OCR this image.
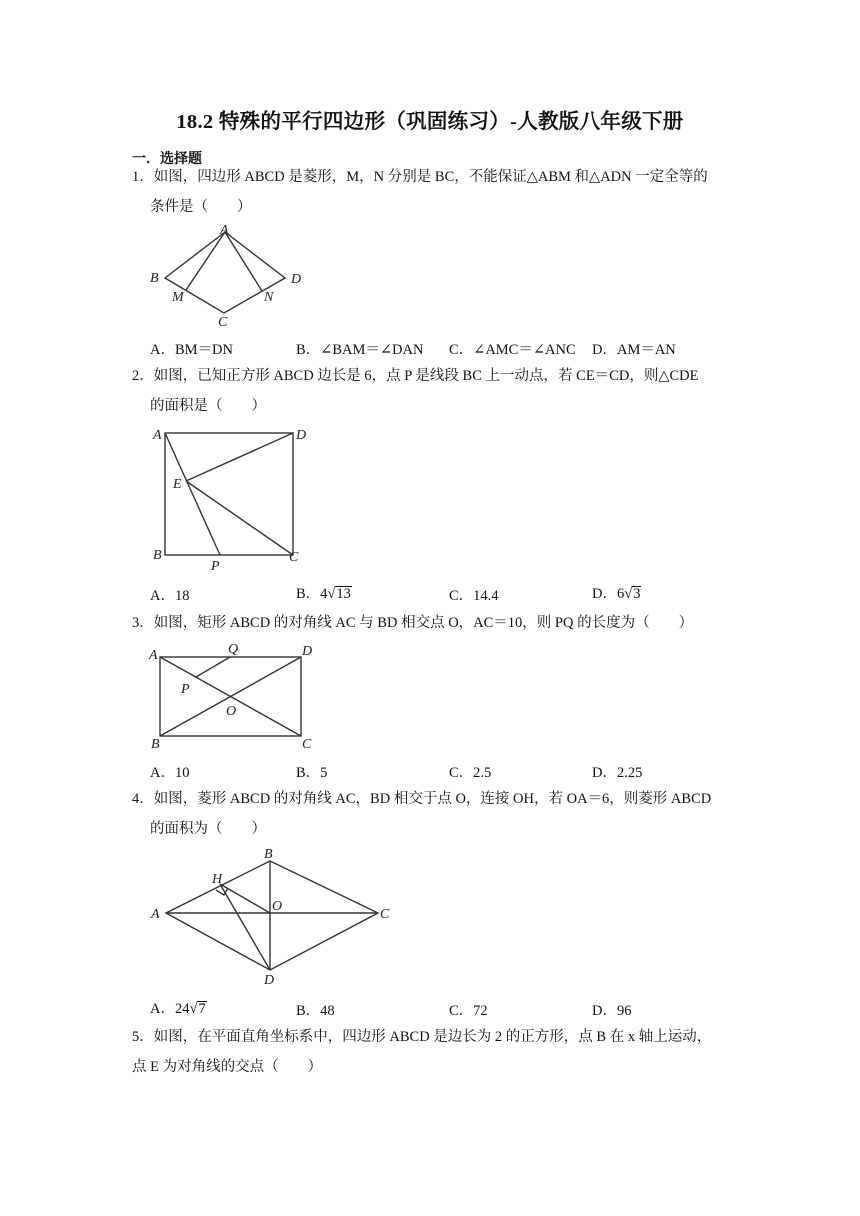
18.2 特殊的平行四边形（巩固练习）-人教版八年级下册
一．选择题
1．如图，四边形 ABCD 是菱形，M，N 分别是 BC，不能保证△ABM 和△ADN 一定全等的
条件是（　　）
A
B
C
D
M	N
A．BM＝DN	B．∠BAM＝∠DAN C．∠AMC＝∠ANC D．AM＝AN
2．如图，已知正方形 ABCD 边长是 6，点 P 是线段 BC 上一动点，若 CE＝CD，则△CDE
的面积是（　　）
A	D
E
B	C
P
A．18	B．4√13	C．14.4	D．6√3
3．如图，矩形 ABCD 的对角线 AC 与 BD 相交点 O，AC＝10，则 PQ 的长度为（　　）
A	Q	D
P
O
B	C
A．10	B．5	C．2.5	D．2.25
4．如图，菱形 ABCD 的对角线 AC，BD 相交于点 O，连接 OH，若 OA＝6，则菱形 ABCD
的面积为（　　）
A
B
H
O
C
D
A．24√7	B．48	C．72	D．96
5．如图，在平面直角坐标系中，四边形 ABCD 是边长为 2 的正方形，点 B 在 x 轴上运动，
点 E 为对角线的交点（　　）
